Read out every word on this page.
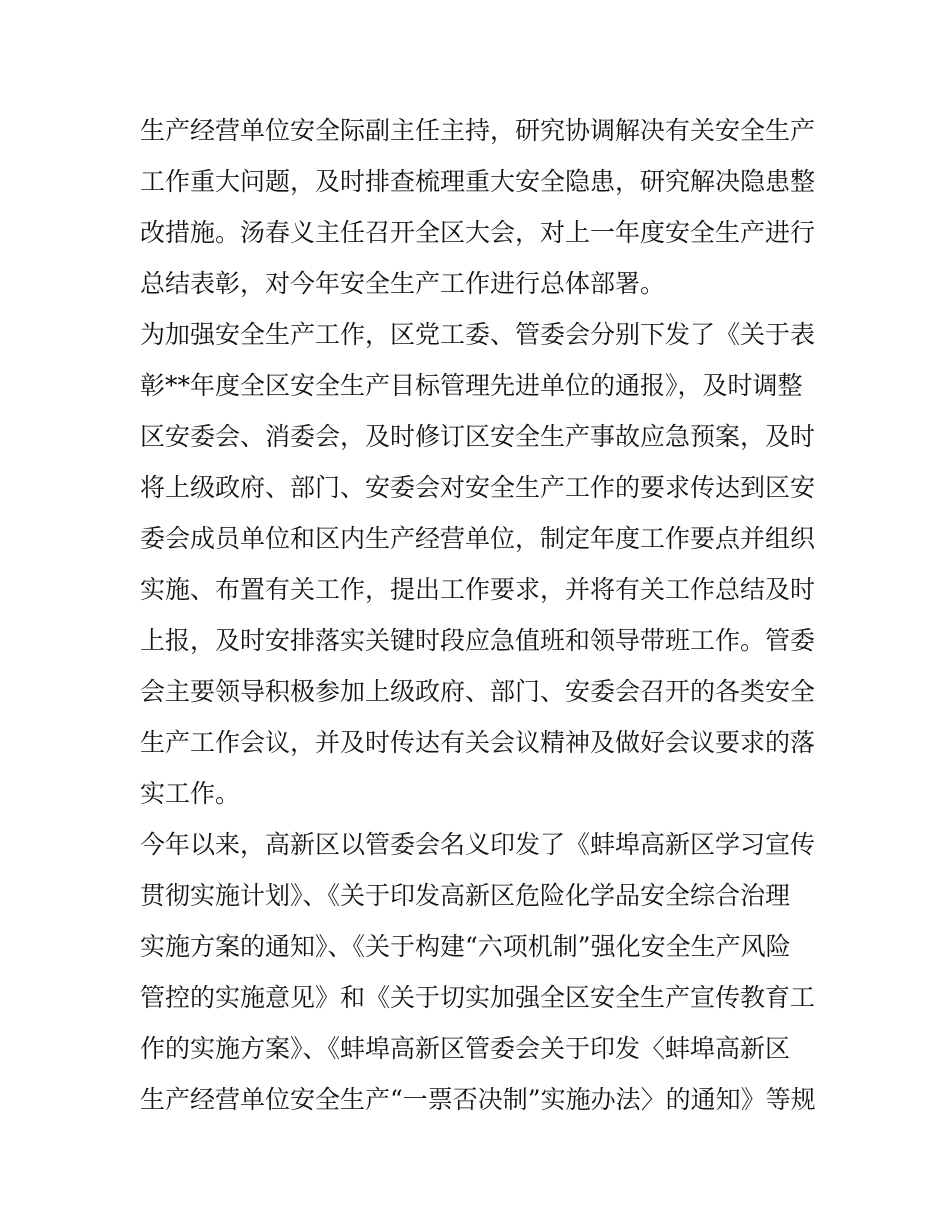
生产经营单位安全际副主任主持，研究协调解决有关安全生产
工作重大问题，及时排查梳理重大安全隐患，研究解决隐患整
改措施。汤春义主任召开全区大会，对上一年度安全生产进行
总结表彰，对今年安全生产工作进行总体部署。
为加强安全生产工作，区党工委、管委会分别下发了《关于表
彰**年度全区安全生产目标管理先进单位的通报》，及时调整
区安委会、消委会，及时修订区安全生产事故应急预案，及时
将上级政府、部门、安委会对安全生产工作的要求传达到区安
委会成员单位和区内生产经营单位，制定年度工作要点并组织
实施、布置有关工作，提出工作要求，并将有关工作总结及时
上报，及时安排落实关键时段应急值班和领导带班工作。管委
会主要领导积极参加上级政府、部门、安委会召开的各类安全
生产工作会议，并及时传达有关会议精神及做好会议要求的落
实工作。
今年以来，高新区以管委会名义印发了《蚌埠高新区学习宣传
贯彻实施计划》、《关于印发高新区危险化学品安全综合治理
实施方案的通知》、《关于构建“六项机制”强化安全生产风险
管控的实施意见》和《关于切实加强全区安全生产宣传教育工
作的实施方案》、《蚌埠高新区管委会关于印发〈蚌埠高新区
生产经营单位安全生产“一票否决制”实施办法〉的通知》等规
